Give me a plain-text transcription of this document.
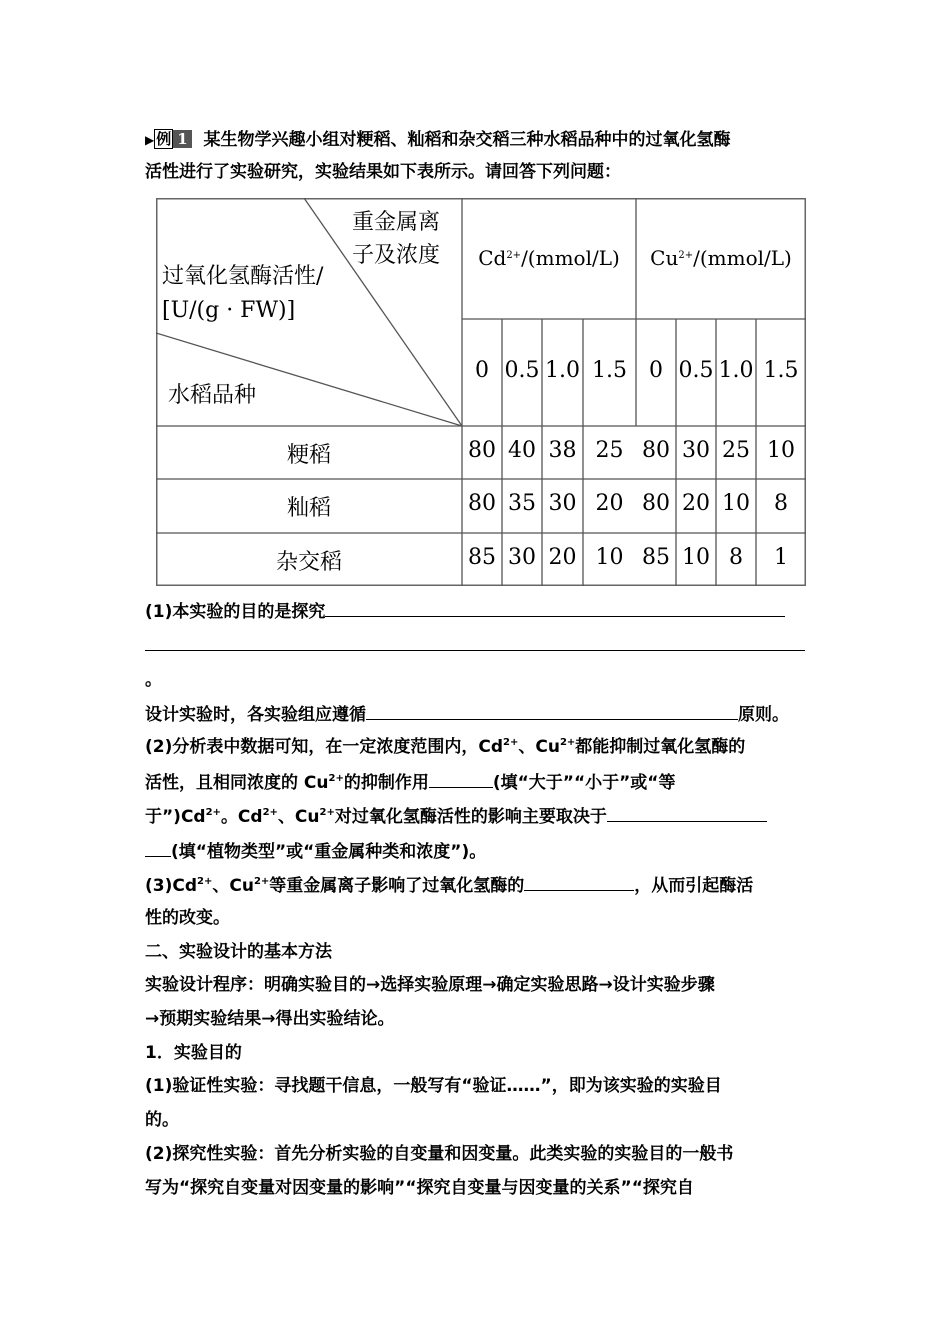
▶ 例 1 某生物学兴趣小组对粳稻、籼稻和杂交稻三种水稻品种中的过氧化氢酶
活性进行了实验研究，实验结果如下表所示。请回答下列问题：
重金属离
子及浓度
过氧化氢酶活性/
[U/(g · FW)]
水稻品种
$Cd^{2+}/(mmol/L)$	$Cu^{2+}/(mmol/L)$
0 0.5 1.0 1.5	0 0.5 1.0 1.5
粳稻	80 40 38 25 80 30 25 10
籼稻	80 35 30 20 80 20 10	8
杂交稻	85 30 20 10 85 10 8	1
(1)本实验的目的是探究
。
设计实验时，各实验组应遵循	原则。
(2)分析表中数据可知，在一定浓度范围内，$Cd^{2+}$、$Cu^{2+}$都能抑制过氧化氢酶的
活性，且相同浓度的 $Cu^{2+}$的抑制作用	(填“大于”“小于”或“等
于$”)Cd^{2+}$。$Cd^{2+}$、$Cu^{2+}$对过氧化氢酶活性的影响主要取决于
(填“植物类型”或“重金属种类和浓度”)。
$(3)Cd^{2+}$、$Cu^{2+}$等重金属离子影响了过氧化氢酶的	，从而引起酶活
性的改变。
二、实验设计的基本方法
实验设计程序：明确实验目的→选择实验原理→确定实验思路→设计实验步骤
→预期实验结果→得出实验结论。
1．实验目的
(1)验证性实验：寻找题干信息，一般写有“验证……”，即为该实验的实验目
的。
(2)探究性实验：首先分析实验的自变量和因变量。此类实验的实验目的一般书
写为“探究自变量对因变量的影响”“探究自变量与因变量的关系”“探究自
